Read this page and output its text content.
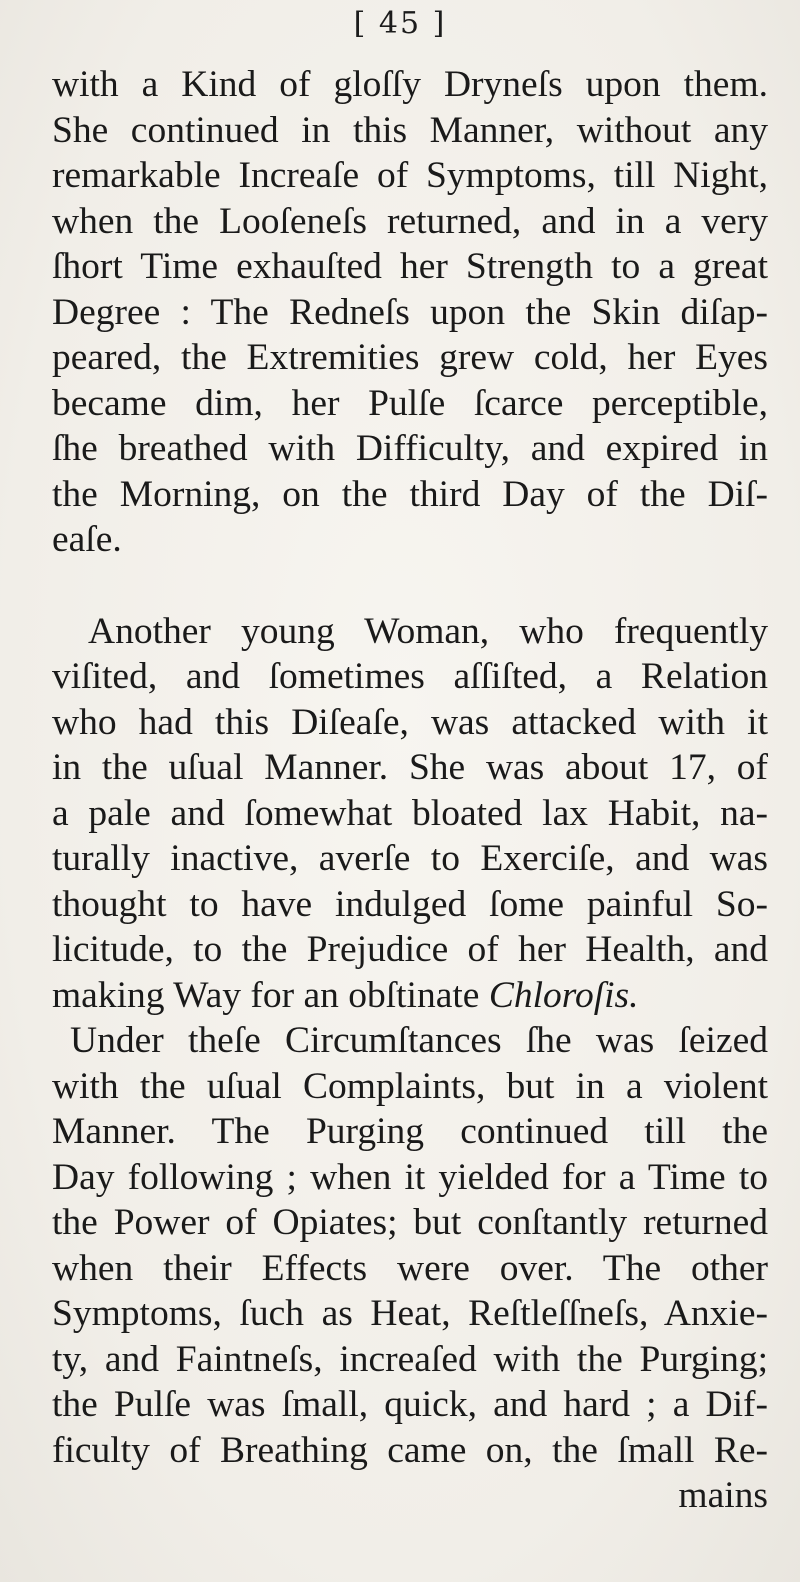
[ 45 ]
with a Kind of gloſſy Dryneſs upon them.
She continued in this Manner, without any
remarkable Increaſe of Symptoms, till Night,
when the Looſeneſs returned, and in a very
ſhort Time exhauſted her Strength to a great
Degree : The Redneſs upon the Skin diſap-
peared, the Extremities grew cold, her Eyes
became dim, her Pulſe ſcarce perceptible,
ſhe breathed with Difficulty, and expired in
the Morning, on the third Day of the Diſ-
eaſe.
Another young Woman, who frequently
viſited, and ſometimes aſſiſted, a Relation
who had this Diſeaſe, was attacked with it
in the uſual Manner. She was about 17, of
a pale and ſomewhat bloated lax Habit, na-
turally inactive, averſe to Exerciſe, and was
thought to have indulged ſome painful So-
licitude, to the Prejudice of her Health, and
making Way for an obſtinate Chloroſis.
Under theſe Circumſtances ſhe was ſeized
with the uſual Complaints, but in a violent
Manner. The Purging continued till the
Day following ; when it yielded for a Time to
the Power of Opiates; but conſtantly returned
when their Effects were over. The other
Symptoms, ſuch as Heat, Reſtleſſneſs, Anxie-
ty, and Faintneſs, increaſed with the Purging;
the Pulſe was ſmall, quick, and hard ; a Dif-
ficulty of Breathing came on, the ſmall Re-
mains
